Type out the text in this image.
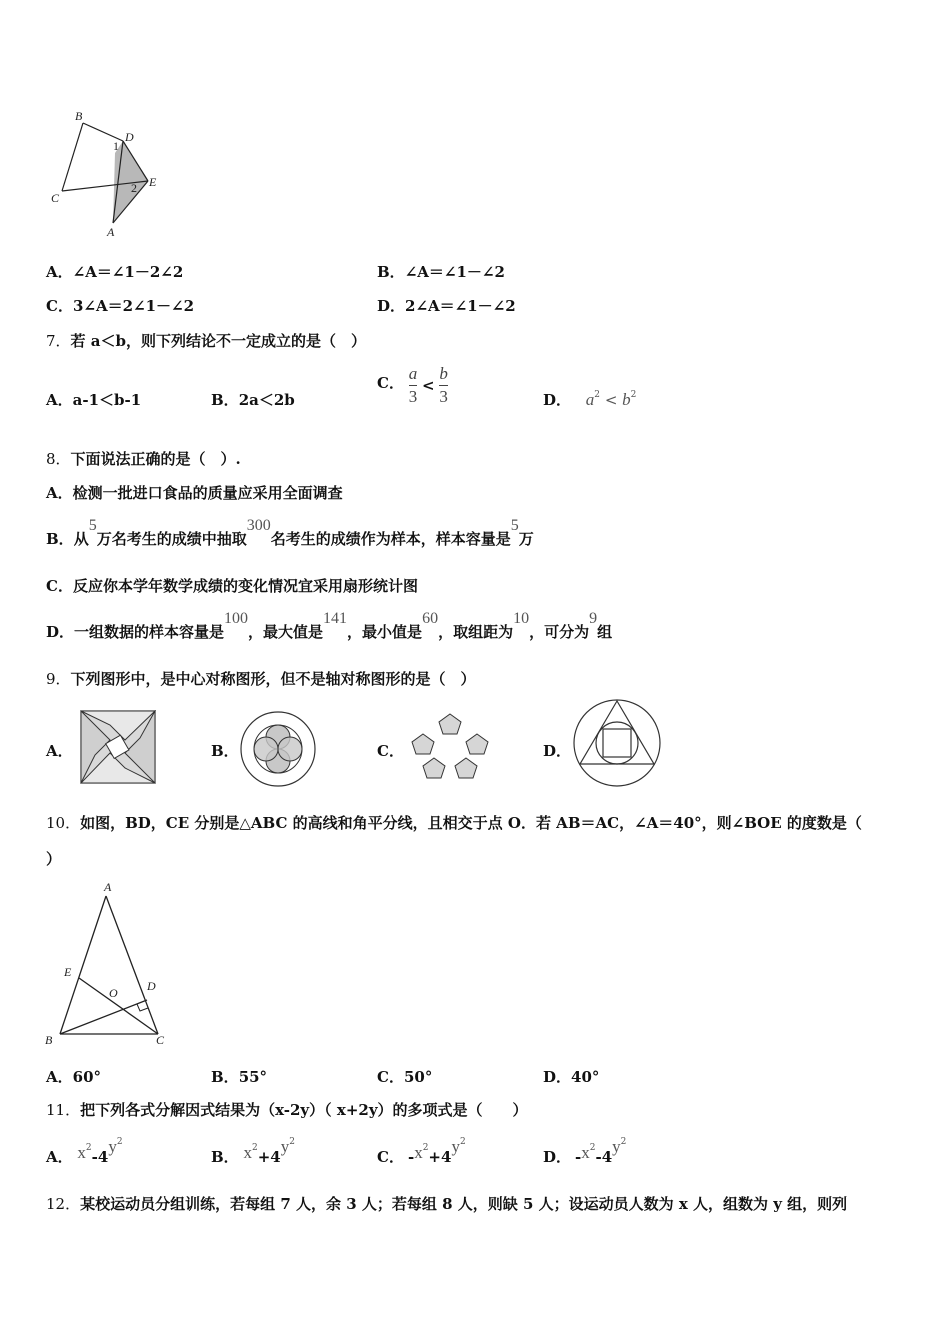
B
D
1
E
2
C
A
A．∠A＝∠1－2∠2	B．∠A＝∠1－∠2
C．3∠A＝2∠1－∠2	D．2∠A＝∠1－∠2
7．若 a＜b，则下列结论不一定成立的是（　）
A．a-1＜b-1	B．2a＜2b
C． $\frac{a}{3} < \frac{b}{3}$	D． $a^2 < b^2$
8．下面说法正确的是（　）.
A．检测一批进口食品的质量应采用全面调查
B．从5万名考生的成绩中抽取300名考生的成绩作为样本，样本容量是5万
C．反应你本学年数学成绩的变化情况宜采用扇形统计图
D．一组数据的样本容量是100，最大值是141，最小值是60，取组距为10，可分为9组
9．下列图形中，是中心对称图形，但不是轴对称图形的是（　）
A．	B．	C．	D．
10．如图，BD，CE 分别是△ABC 的高线和角平分线，且相交于点 O．若 AB＝AC，∠A＝40°，则∠BOE 的度数是（
）
A
E
O D
B	C
A．60°	B．55°	C．50°	D．40°
11．把下列各式分解因式结果为（x-2y）（ x+2y）的多项式是（　　）
A． $x^2-4y^2$
B． $x^2+4y^2$
C． $-x^2+4y^2$
D． $-x^2-4y^2$
12．某校运动员分组训练，若每组 7 人，余 3 人；若每组 8 人，则缺 5 人；设运动员人数为 x 人，组数为 y 组，则列
